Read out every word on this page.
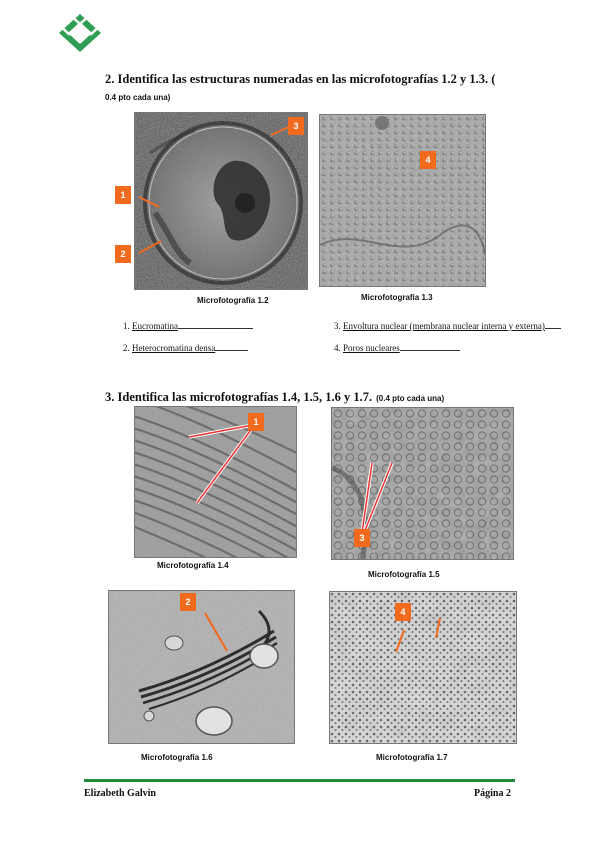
2. Identifica las estructuras numeradas en las microfotografías 1.2 y 1.3. (
0.4 pto cada una)
1
2
3
4
Microfotografía 1.2	Microfotografía 1.3
1. Eucromatina
2. Heterocromatina densa
3. Envoltura nuclear (membrana nuclear interna y externa)
4. Poros nucleares
3. Identifica las microfotografías 1.4, 1.5, 1.6 y 1.7. (0.4 pto cada una)
1
3
Microfotografía 1.4
Microfotografía 1.5
2
4
Microfotografía 1.6	Microfotografía 1.7
Elizabeth Galvin	Página 2
